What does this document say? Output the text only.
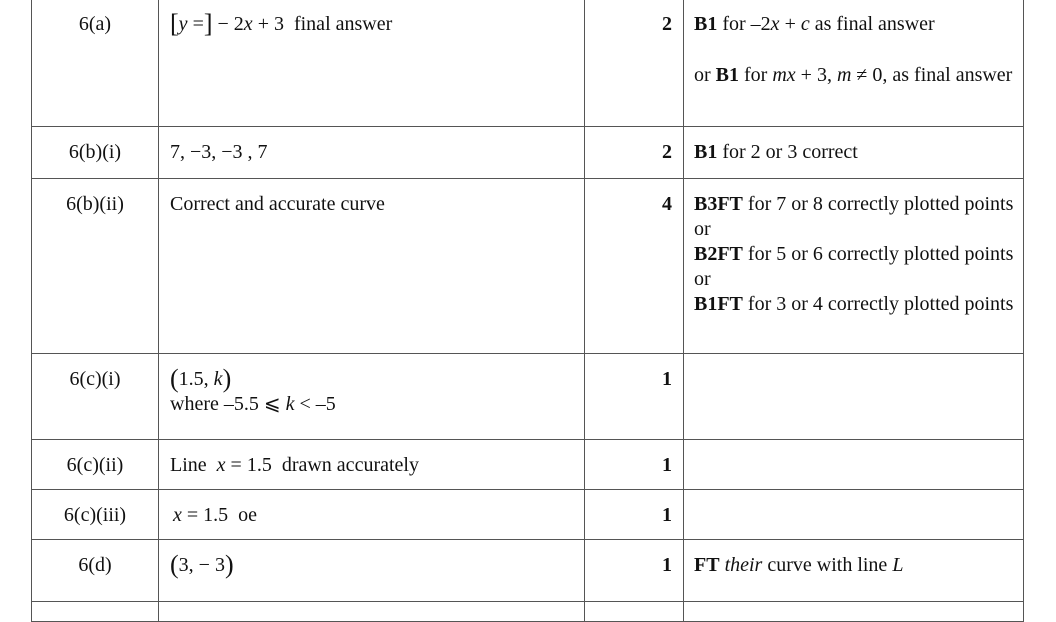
6(a)	[y =] − 2x + 3  final answer	2	B1 for –2x + c as final answer

or B1 for mx + 3, m ≠ 0, as final answer

6(b)(i)	7, −3, −3 , 7	2	B1 for 2 or 3 correct
6(b)(ii)	Correct and accurate curve	4	B3FT for 7 or 8 correctly plotted points or

B2FT for 5 or 6 correctly plotted points or

B1FT for 3 or 4 correctly plotted points

6(c)(i)	(1.5, k)
where –5.5 ⩽ k < –5	1	
6(c)(ii)	Line  x = 1.5  drawn accurately	1	
6(c)(iii)	x = 1.5  oe	1	
6(d)	(3, − 3)	1	FT their curve with line L
